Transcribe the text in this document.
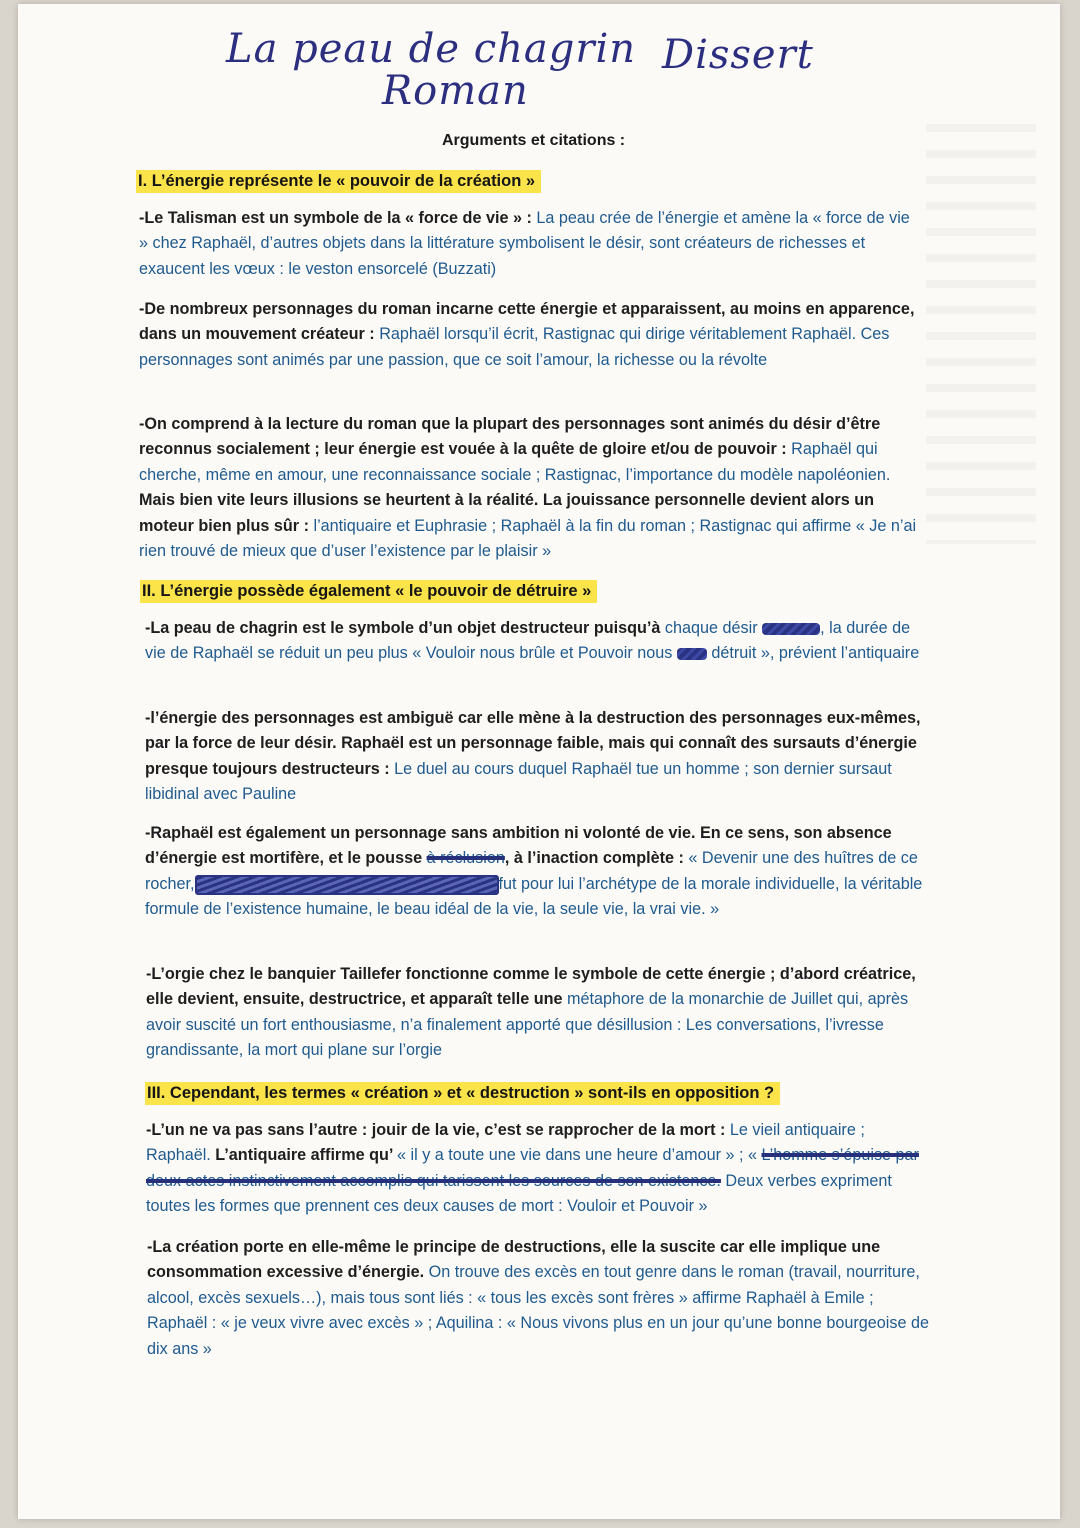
La peau de chagrin
Roman
Dissert
Arguments et citations :
I. L’énergie représente le « pouvoir de la création »
-Le Talisman est un symbole de la « force de vie » : La peau crée de l’énergie et amène la « force de vie » chez Raphaël, d’autres objets dans la littérature symbolisent le désir, sont créateurs de richesses et exaucent les vœux : le veston ensorcelé (Buzzati)
-De nombreux personnages du roman incarne cette énergie et apparaissent, au moins en apparence, dans un mouvement créateur : Raphaël lorsqu’il écrit, Rastignac qui dirige véritablement Raphaël. Ces personnages sont animés par une passion, que ce soit l’amour, la richesse ou la révolte
-On comprend à la lecture du roman que la plupart des personnages sont animés du désir d’être reconnus socialement ; leur énergie est vouée à la quête de gloire et/ou de pouvoir : Raphaël qui cherche, même en amour, une reconnaissance sociale ; Rastignac, l’importance du modèle napoléonien. Mais bien vite leurs illusions se heurtent à la réalité. La jouissance personnelle devient alors un moteur bien plus sûr : l’antiquaire et Euphrasie ; Raphaël à la fin du roman ; Rastignac qui affirme « Je n’ai rien trouvé de mieux que d’user l’existence par le plaisir »
II. L’énergie possède également « le pouvoir de détruire »
-La peau de chagrin est le symbole d’un objet destructeur puisqu’à chaque désir	, la durée de vie de Raphaël se réduit un peu plus « Vouloir nous brûle et Pouvoir nous  détruit », prévient l’antiquaire
-l’énergie des personnages est ambiguë car elle mène à la destruction des personnages eux-mêmes, par la force de leur désir. Raphaël est un personnage faible, mais qui connaît des sursauts d’énergie presque toujours destructeurs : Le duel au cours duquel Raphaël tue un homme ; son dernier sursaut libidinal avec Pauline
-Raphaël est également un personnage sans ambition ni volonté de vie. En ce sens, son absence d’énergie est mortifère, et le pousse à réclusion, à l’inaction complète : « Devenir une des huîtres de ce rocher,	fut pour lui l’archétype de la morale individuelle, la véritable formule de l’existence humaine, le beau idéal de la vie, la seule vie, la vrai vie. »
-L’orgie chez le banquier Taillefer fonctionne comme le symbole de cette énergie ; d’abord créatrice, elle devient, ensuite, destructrice, et apparaît telle une métaphore de la monarchie de Juillet qui, après avoir suscité un fort enthousiasme, n’a finalement apporté que désillusion : Les conversations, l’ivresse grandissante, la mort qui plane sur l’orgie
III. Cependant, les termes « création » et « destruction » sont-ils en opposition ?
-L’un ne va pas sans l’autre : jouir de la vie, c’est se rapprocher de la mort : Le vieil antiquaire ; Raphaël. L’antiquaire affirme qu’ « il y a toute une vie dans une heure d’amour » ; « L’homme s’épuise par deux actes instinctivement accomplis qui tarissent les sources de son existence. Deux verbes expriment toutes les formes que prennent ces deux causes de mort : Vouloir et Pouvoir »
-La création porte en elle-même le principe de destructions, elle la suscite car elle implique une consommation excessive d’énergie. On trouve des excès en tout genre dans le roman (travail, nourriture, alcool, excès sexuels…), mais tous sont liés : « tous les excès sont frères » affirme Raphaël à Emile ; Raphaël : « je veux vivre avec excès » ; Aquilina : « Nous vivons plus en un jour qu’une bonne bourgeoise de dix ans »
